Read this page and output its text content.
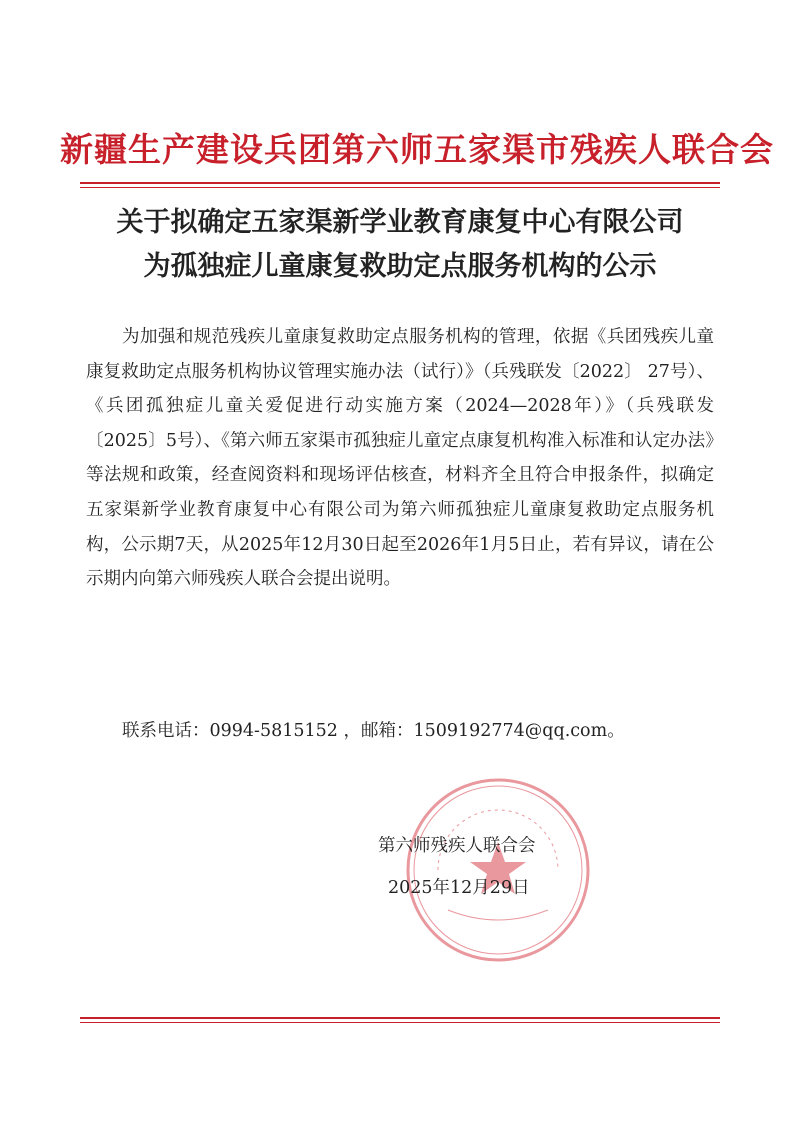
新疆生产建设兵团第六师五家渠市残疾人联合会
关于拟确定五家渠新学业教育康复中心有限公司
为孤独症儿童康复救助定点服务机构的公示

为加强和规范残疾儿童康复救助定点服务机构的管理，依据《兵团残疾儿童康复救助定点服务机构协议管理实施办法（试行）》（兵残联发〔2022〕 27号）、《兵团孤独症儿童关爱促进行动实施方案（2024—2028年）》（兵残联发〔2025〕5号）、《第六师五家渠市孤独症儿童定点康复机构准入标准和认定办法》等法规和政策，经查阅资料和现场评估核查，材料齐全且符合申报条件，拟确定五家渠新学业教育康复中心有限公司为第六师孤独症儿童康复救助定点服务机构，公示期7天，从2025年12月30日起至2026年1月5日止，若有异议，请在公示期内向第六师残疾人联合会提出说明。

联系电话：0994-5815152 ，邮箱：1509192774@qq.com。
第六师残疾人联合会
2025年12月29日
